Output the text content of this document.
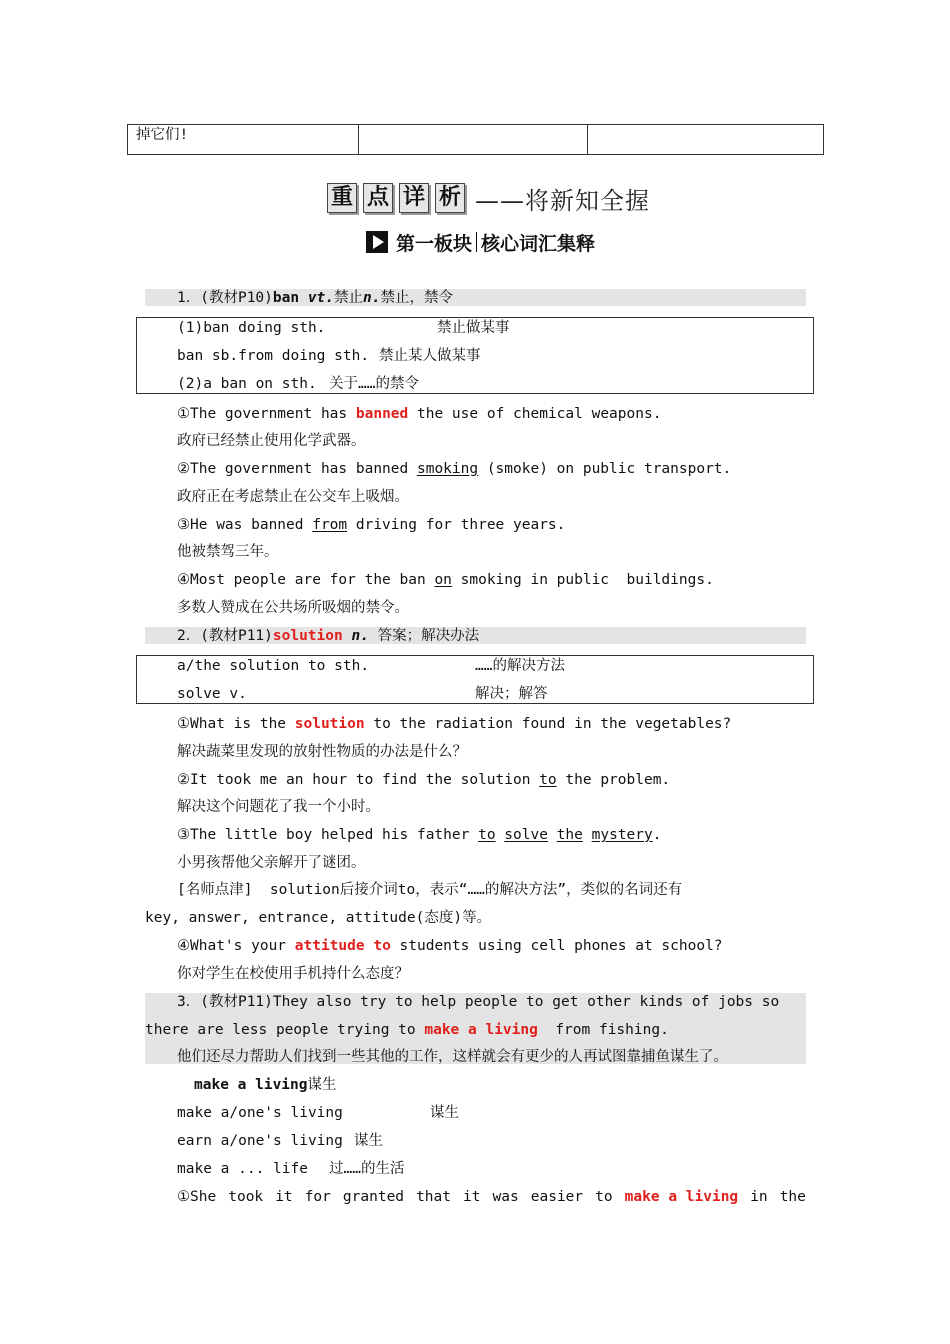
掉它们!		
重 点 详 析 ——将新知全握
第一板块 核心词汇集释
1．(教材P10)ban vt.禁止n.禁止，禁令
(1)ban doing sth.	禁止做某事
ban sb.from doing sth. 禁止某人做某事
(2)a ban on sth. 关于……的禁令
①The government has banned the use of chemical weapons.
政府已经禁止使用化学武器。
②The government has banned smoking (smoke) on public transport.
政府正在考虑禁止在公交车上吸烟。
③He was banned from driving for three years.
他被禁驾三年。
④Most people are for the ban on smoking in public  buildings.
多数人赞成在公共场所吸烟的禁令。
2．(教材P11)solution n. 答案；解决办法
a/the solution to sth.	……的解决方法
solve v.	解决；解答
①What is the solution to the radiation found in the vegetables?
解决蔬菜里发现的放射性物质的办法是什么？
②It took me an hour to find the solution to the problem.
解决这个问题花了我一个小时。
③The little boy helped his father to solve the mystery.
小男孩帮他父亲解开了谜团。
[名师点津]  solution后接介词to，表示“……的解决方法”，类似的名词还有
key, answer, entrance, attitude(态度)等。
④What's your attitude to students using cell phones at school?
你对学生在校使用手机持什么态度？
3．(教材P11)They also try to help people to get other kinds of jobs so
there are less people trying to make a living  from fishing.
他们还尽力帮助人们找到一些其他的工作，这样就会有更少的人再试图靠捕鱼谋生了。
make a living谋生
make a/one's living	谋生
earn a/one's living 谋生
make a ... life 过……的生活
①She took it for granted that it was easier to make a living in the
